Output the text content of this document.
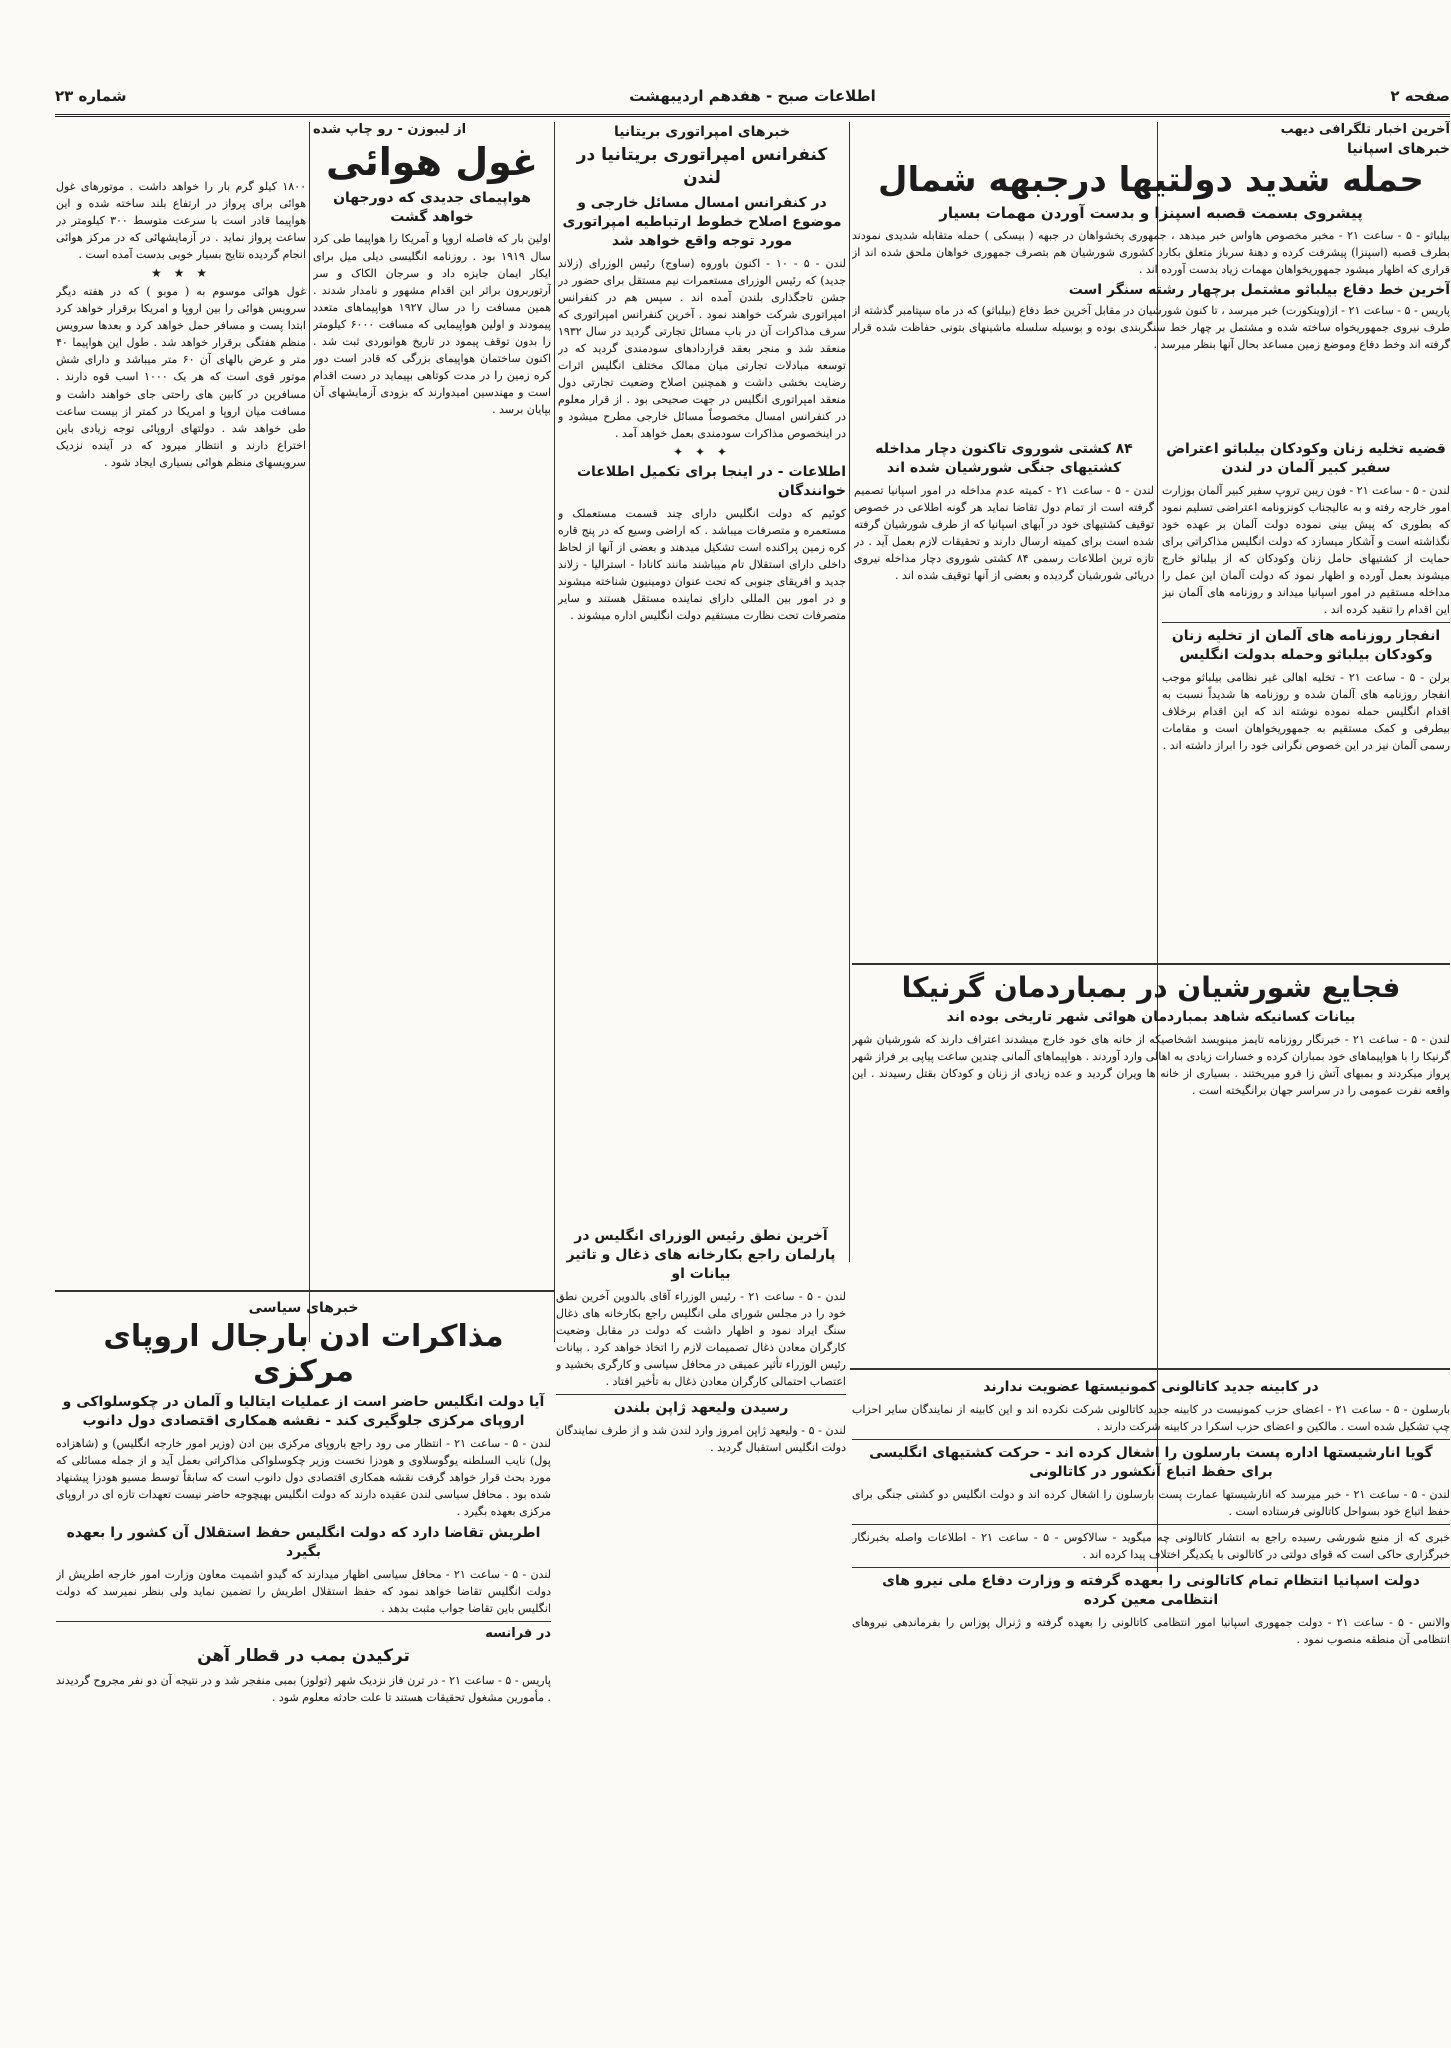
صفحه ۲
اطلاعات صبح - هفدهم اردیبهشت
شماره ۲۳
آخرین اخبار تلگرافی دیهب
خبرهای اسپانیا
حمله شدید دولتیها درجبهه شمال
پیشروی بسمت قصبه اسپنزا و بدست آوردن مهمات بسیار
بیلباثو - ۵ - ساعت ۲۱ - مخبر مخصوص هاواس خبر میدهد ، جمهوری پخشواهان در جبهه ( بیسکی ) حمله متقابله شدیدی نمودند بطرف قصبه (اسپنزا) پیشرفت کرده و دهنهٔ سرباز متعلق بکارد کشوری شورشیان هم بتصرف جمهوری خواهان ملحق شده اند از قراری که اظهار میشود جمهوریخواهان مهمات زیاد بدست آورده اند .
آخرین خط دفاع بیلباثو مشتمل برچهار رشته سنگر است
پاریس - ۵ - ساعت ۲۱ - از(وینکورت) خبر میرسد ، تا کنون شورشیان در مقابل آخرین خط دفاع (بیلباثو) که در ماه سپتامبر گذشته از طرف نیروی جمهوریخواه ساخته شده و مشتمل بر چهار خط سنگربندی بوده و بوسیله سلسله ماشینهای بتونی حفاظت شده قرار گرفته اند وخط دفاع وموضع زمین مساعد بحال آنها بنظر میرسد .
قضیه تخلیه زنان وکودکان بیلباثو اعتراض سفیر کبیر آلمان در لندن
لندن - ۵ - ساعت ۲۱ - فون ریبن تروپ سفیر کبیر آلمان بوزارت امور خارجه رفته و به عالیجناب کونزونامه اعتراضی تسلیم نمود که بطوری که پیش بینی نموده دولت آلمان بر عهده خود نگذاشته است و آشکار میسازد که دولت انگلیس مذاکراتی برای حمایت از کشتیهای حامل زنان وکودکان که از بیلباثو خارج میشوند بعمل آورده و اظهار نمود که دولت آلمان این عمل را مداخله مستقیم در امور اسپانیا میداند و روزنامه های آلمان نیز این اقدام را تنقید کرده اند .
انفجار روزنامه های آلمان از تخلیه زنان وکودکان بیلباثو وحمله بدولت انگلیس
برلن - ۵ - ساعت ۲۱ - تخلیه اهالی غیر نظامی بیلباثو موجب انفجار روزنامه های آلمان شده و روزنامه ها شدیداً نسبت به اقدام انگلیس حمله نموده نوشته اند که این اقدام برخلاف بیطرفی و کمک مستقیم به جمهوریخواهان است و مقامات رسمی آلمان نیز در این خصوص نگرانی خود را ابراز داشته اند .
۸۴ کشتی شوروی تاکنون دچار مداخله کشتیهای جنگی شورشیان شده اند
لندن - ۵ - ساعت ۲۱ - کمیته عدم مداخله در امور اسپانیا تصمیم گرفته است از تمام دول تقاضا نماید هر گونه اطلاعی در خصوص توقیف کشتیهای خود در آبهای اسپانیا که از طرف شورشیان گرفته شده است برای کمیته ارسال دارند و تحقیقات لازم بعمل آید . در تازه ترین اطلاعات رسمی ۸۴ کشتی شوروی دچار مداخله نیروی دریائی شورشیان گردیده و بعضی از آنها توقیف شده اند .
خبرهای امپراتوری بریتانیا
کنفرانس امپراتوری بریتانیا در لندن
در کنفرانس امسال مسائل خارجی و موضوع اصلاح خطوط ارتباطیه امپراتوری مورد توجه واقع خواهد شد
لندن - ۵ - ۱۰ - اکنون باوروه (ساوج) رئیس الوزرای (زلاند جدید) که رئیس الوزرای مستعمرات نیم مستقل برای حضور در جشن تاجگذاری بلندن آمده اند . سپس هم در کنفرانس امپراتوری شرکت خواهند نمود . آخرین کنفرانس امپراتوری که سرف مذاکرات آن در باب مسائل تجارتی گردید در سال ۱۹۳۲ منعقد شد و منجر بعقد قراردادهای سودمندی گردید که در توسعه مبادلات تجارتی میان ممالک مختلف انگلیس اثرات رضایت بخشی داشت و همچنین اصلاح وضعیت تجارتی دول منعقد امپراتوری انگلیس در جهت صحیحی بود . از قرار معلوم در کنفرانس امسال مخصوصاً مسائل خارجی مطرح میشود و در اینخصوص مذاکرات سودمندی بعمل خواهد آمد .
✦ ✦ ✦
اطلاعات - در اینجا برای تکمیل اطلاعات خوانندگان
کوئیم که دولت انگلیس دارای چند قسمت مستعملک و مستعمره و متصرفات میباشد . که اراضی وسیع که در پنج قاره کره زمین پراکنده است تشکیل میدهند و بعضی از آنها از لحاظ داخلی دارای استقلال تام میباشند مانند کانادا - استرالیا - زلاند جدید و افریقای جنوبی که تحت عنوان دومینیون شناخته میشوند و در امور بین المللی دارای نماینده مستقل هستند و سایر متصرفات تحت نظارت مستقیم دولت انگلیس اداره میشوند .
از لیبوزن - رو چاپ شده
غول هوائی
هواپیمای جدیدی که دورجهان خواهد گشت
اولین بار که فاصله اروپا و آمریکا را هواپیما طی کرد سال ۱۹۱۹ بود . روزنامه انگلیسی دیلی میل برای ایکار ایمان جایزه داد و سرجان الکاک و سر آرتوربرون براثر این اقدام مشهور و نامدار شدند . همین مسافت را در سال ۱۹۲۷ هواپیماهای متعدد پیمودند و اولین هواپیمایی که مسافت ۶۰۰۰ کیلومتر را بدون توقف پیمود در تاریخ هوانوردی ثبت شد . اکنون ساختمان هواپیمای بزرگی که قادر است دور کره زمین را در مدت کوتاهی بپیماید در دست اقدام است و مهندسین امیدوارند که بزودی آزمایشهای آن بپایان برسد .
۱۸۰۰ کیلو گرم بار را خواهد داشت . موتورهای غول هوائی برای پرواز در ارتفاع بلند ساخته شده و این هواپیما قادر است با سرعت متوسط ۳۰۰ کیلومتر در ساعت پرواز نماید . در آزمایشهائی که در مرکز هوائی انجام گردیده نتایج بسیار خوبی بدست آمده است .
★ ★ ★
غول هوائی موسوم به ( موبو ) که در هفته دیگر سرویس هوائی را بین اروپا و امریکا برقرار خواهد کرد ابتدا پست و مسافر حمل خواهد کرد و بعدها سرویس منظم هفتگی برقرار خواهد شد . طول این هواپیما ۴۰ متر و عرض بالهای آن ۶۰ متر میباشد و دارای شش موتور قوی است که هر یک ۱۰۰۰ اسب قوه دارند . مسافرین در کابین های راحتی جای خواهند داشت و مسافت میان اروپا و امریکا در کمتر از بیست ساعت طی خواهد شد . دولتهای اروپائی توجه زیادی باین اختراع دارند و انتظار میرود که در آینده نزدیک سرویسهای منظم هوائی بسیاری ایجاد شود .
خبرهای سیاسی
مذاکرات ادن بارجال اروپای مرکزی
آیا دولت انگلیس حاضر است از عملیات ایتالیا و آلمان در چکوسلواکی و اروپای مرکزی جلوگیری کند - نقشه همکاری اقتصادی دول دانوب
لندن - ۵ - ساعت ۲۱ - انتظار می رود راجع باروپای مرکزی بین ادن (وزیر امور خارجه انگلیس) و (شاهزاده پول) نایب السلطنه یوگوسلاوی و هودزا نخست وزیر چکوسلواکی مذاکراتی بعمل آید و از جمله مسائلی که مورد بحث قرار خواهد گرفت نقشه همکاری اقتصادی دول دانوب است که سابقاً توسط مسیو هودزا پیشنهاد شده بود . محافل سیاسی لندن عقیده دارند که دولت انگلیس بهیچوجه حاضر نیست تعهدات تازه ای در اروپای مرکزی بعهده بگیرد .
اطریش تقاضا دارد که دولت انگلیس حفظ استقلال آن کشور را بعهده بگیرد
لندن - ۵ - ساعت ۲۱ - محافل سیاسی اظهار میدارند که گیدو اشمیت معاون وزارت امور خارجه اطریش از دولت انگلیس تقاضا خواهد نمود که حفظ استقلال اطریش را تضمین نماید ولی بنظر نمیرسد که دولت انگلیس باین تقاضا جواب مثبت بدهد .
در فرانسه
ترکیدن بمب در قطار آهن
پاریس - ۵ - ساعت ۲۱ - در ترن فاز نزدیک شهر (تولوز) بمبی منفجر شد و در نتیجه آن دو نفر مجروح گردیدند . مأمورین مشغول تحقیقات هستند تا علت حادثه معلوم شود .
آخرین نطق رئیس الوزرای انگلیس در پارلمان راجع بکارخانه های ذغال و تاثیر بیانات او
لندن - ۵ - ساعت ۲۱ - رئیس الوزراء آقای بالدوین آخرین نطق خود را در مجلس شورای ملی انگلیس راجع بکارخانه های ذغال سنگ ایراد نمود و اظهار داشت که دولت در مقابل وضعیت کارگران معادن ذغال تصمیمات لازم را اتخاذ خواهد کرد . بیانات رئیس الوزراء تأثیر عمیقی در محافل سیاسی و کارگری بخشید و اعتصاب احتمالی کارگران معادن ذغال به تأخیر افتاد .
رسیدن ولیعهد ژاپن بلندن
لندن - ۵ - ولیعهد ژاپن امروز وارد لندن شد و از طرف نمایندگان دولت انگلیس استقبال گردید .
فجایع شورشیان در بمباردمان گرنیکا
بیانات کسانیکه شاهد بمباردمان هوائی شهر تاریخی بوده اند
لندن - ۵ - ساعت ۲۱ - خبرنگار روزنامه تایمز مینویسد اشخاصیکه از خانه های خود خارج میشدند اعتراف دارند که شورشیان شهر گرنیکا را با هواپیماهای خود بمباران کرده و خسارات زیادی به اهالی وارد آوردند . هواپیماهای آلمانی چندین ساعت پیاپی بر فراز شهر پرواز میکردند و بمبهای آتش زا فرو میریختند . بسیاری از خانه ها ویران گردید و عده زیادی از زنان و کودکان بقتل رسیدند . این واقعه نفرت عمومی را در سراسر جهان برانگیخته است .
در کابینه جدید کاتالونی کمونیستها عضویت ندارند
بارسلون - ۵ - ساعت ۲۱ - اعضای حزب کمونیست در کابینه جدید کاتالونی شرکت نکرده اند و این کابینه از نمایندگان سایر احزاب چپ تشکیل شده است . مالکین و اعضای حزب اسکرا در کابینه شرکت دارند .
گویا انارشیستها اداره پست بارسلون را اشغال کرده اند - حرکت کشتیهای انگلیسی برای حفظ اتباع آنکشور در کاتالونی
لندن - ۵ - ساعت ۲۱ - خبر میرسد که انارشیستها عمارت پست بارسلون را اشغال کرده اند و دولت انگلیس دو کشتی جنگی برای حفظ اتباع خود بسواحل کاتالونی فرستاده است .
خبری که از منبع شورشی رسیده راجع به انتشار کاتالونی چه میگوید - سالاکوس - ۵ - ساعت ۲۱ - اطلاعات واصله بخبرنگار خبرگزاری حاکی است که قوای دولتی در کاتالونی با یکدیگر اختلاف پیدا کرده اند .
دولت اسپانیا انتظام تمام کاتالونی را بعهده گرفته و وزارت دفاع ملی نیرو های انتظامی معین کرده
والانس - ۵ - ساعت ۲۱ - دولت جمهوری اسپانیا امور انتظامی کاتالونی را بعهده گرفته و ژنرال پوزاس را بفرماندهی نیروهای انتظامی آن منطقه منصوب نمود .
